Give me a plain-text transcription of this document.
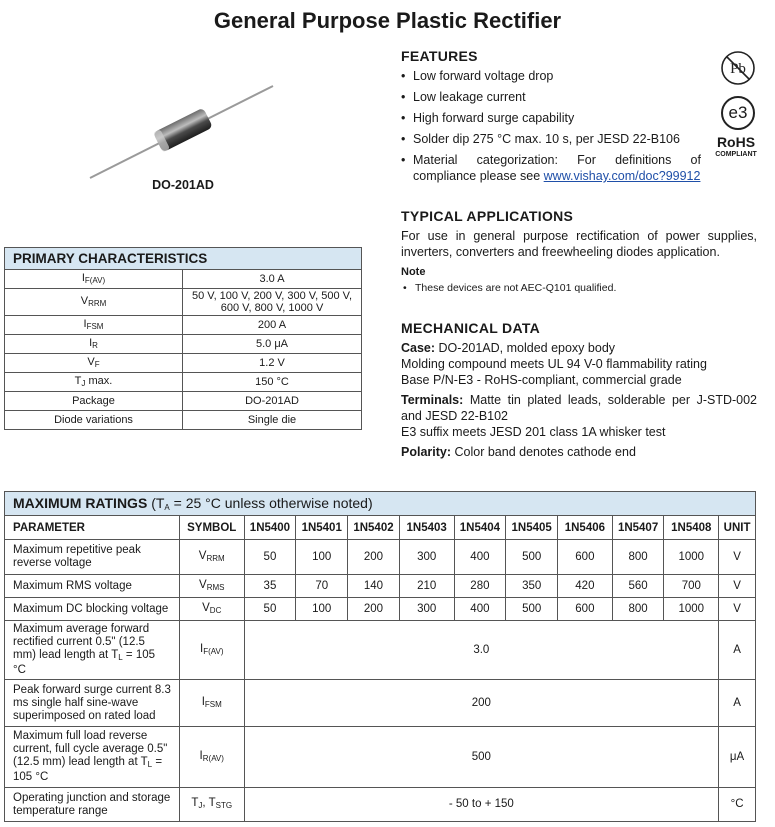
General Purpose Plastic Rectifier
DO-201AD
PRIMARY CHARACTERISTICS	
$I_{F(AV)}$	3.0 A
$V_{RRM}$	50 V, 100 V, 200 V, 300 V, 500 V, 600 V, 800 V, 1000 V
$I_{FSM}$	200 A
$I_R$	5.0 μA
$V_F$	1.2 V
$T_J$ max.	150 °C
Package	DO-201AD
Diode variations	Single die
FEATURES
• Low forward voltage drop
• Low leakage current
• High forward surge capability
• Solder dip 275 °C max. 10 s, per JESD 22-B106
• Material categorization: For definitions of compliance please see www.vishay.com/doc?99912
Pb
e3
RoHS
COMPLIANT
TYPICAL APPLICATIONS

For use in general purpose rectification of power supplies, inverters, converters and freewheeling diodes application.

Note
• These devices are not AEC-Q101 qualified.
MECHANICAL DATA

Case: DO-201AD, molded epoxy body

Molding compound meets UL 94 V-0 flammability rating

Base P/N-E3 - RoHS-compliant, commercial grade

Terminals: Matte tin plated leads, solderable per J-STD-002 and JESD 22-B102

E3 suffix meets JESD 201 class 1A whisker test

Polarity: Color band denotes cathode end

MAXIMUM RATINGS ($T_A = 25$ °C unless otherwise noted)											
PARAMETER	SYMBOL	1N5400	1N5401	1N5402	1N5403	1N5404	1N5405	1N5406	1N5407	1N5408	UNIT
Maximum repetitive peak reverse voltage	$V_{RRM}$	50	100	200	300	400	500	600	800	1000	V
Maximum RMS voltage	$V_{RMS}$	35	70	140	210	280	350	420	560	700	V
Maximum DC blocking voltage	$V_{DC}$	50	100	200	300	400	500	600	800	1000	V
Maximum average forward rectified current 0.5" (12.5 mm) lead length at $T_L = 105$ °C	$I_{F(AV)}$	3.0									A
Peak forward surge current 8.3 ms single half sine-wave superimposed on rated load	$I_{FSM}$	200									A
Maximum full load reverse current, full cycle average 0.5" (12.5 mm) lead length at $T_L = 105$ °C	$I_{R(AV)}$	500									μA
Operating junction and storage temperature range	$T_J$, $T_{STG}$	- 50 to + 150									°C
